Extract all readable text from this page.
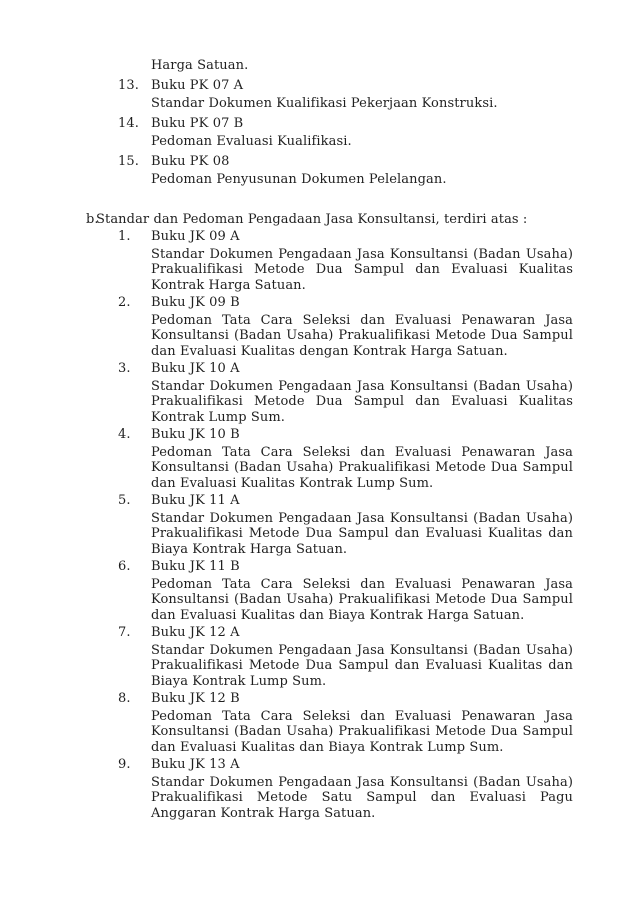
Harga Satuan.
13. Buku PK 07 A
Standar Dokumen Kualifikasi Pekerjaan Konstruksi.
14. Buku PK 07 B
Pedoman Evaluasi Kualifikasi.
15. Buku PK 08
Pedoman Penyusunan Dokumen Pelelangan.
b.
Standar dan Pedoman Pengadaan Jasa Konsultansi, terdiri atas :
1.	Buku JK 09 A
Standar Dokumen Pengadaan Jasa Konsultansi (Badan Usaha) Prakualifikasi Metode Dua Sampul dan Evaluasi Kualitas Kontrak Harga Satuan.
2.	Buku JK 09 B
Pedoman Tata Cara Seleksi dan Evaluasi Penawaran Jasa Konsultansi (Badan Usaha) Prakualifikasi Metode Dua Sampul dan Evaluasi Kualitas dengan Kontrak Harga Satuan.
3.	Buku JK 10 A
Standar Dokumen Pengadaan Jasa Konsultansi (Badan Usaha) Prakualifikasi Metode Dua Sampul dan Evaluasi Kualitas Kontrak Lump Sum.
4.	Buku JK 10 B
Pedoman Tata Cara Seleksi dan Evaluasi Penawaran Jasa Konsultansi (Badan Usaha) Prakualifikasi Metode Dua Sampul dan Evaluasi Kualitas Kontrak Lump Sum.
5.	Buku JK 11 A
Standar Dokumen Pengadaan Jasa Konsultansi (Badan Usaha) Prakualifikasi Metode Dua Sampul dan Evaluasi Kualitas dan Biaya Kontrak Harga Satuan.
6.	Buku JK 11 B
Pedoman Tata Cara Seleksi dan Evaluasi Penawaran Jasa Konsultansi (Badan Usaha) Prakualifikasi Metode Dua Sampul dan Evaluasi Kualitas dan Biaya Kontrak Harga Satuan.
7.	Buku JK 12 A
Standar Dokumen Pengadaan Jasa Konsultansi (Badan Usaha) Prakualifikasi Metode Dua Sampul dan Evaluasi Kualitas dan Biaya Kontrak Lump Sum.
8.	Buku JK 12 B
Pedoman Tata Cara Seleksi dan Evaluasi Penawaran Jasa Konsultansi (Badan Usaha) Prakualifikasi Metode Dua Sampul dan Evaluasi Kualitas dan Biaya Kontrak Lump Sum.
9.	Buku JK 13 A
Standar Dokumen Pengadaan Jasa Konsultansi (Badan Usaha) Prakualifikasi Metode Satu Sampul dan Evaluasi Pagu Anggaran Kontrak Harga Satuan.
